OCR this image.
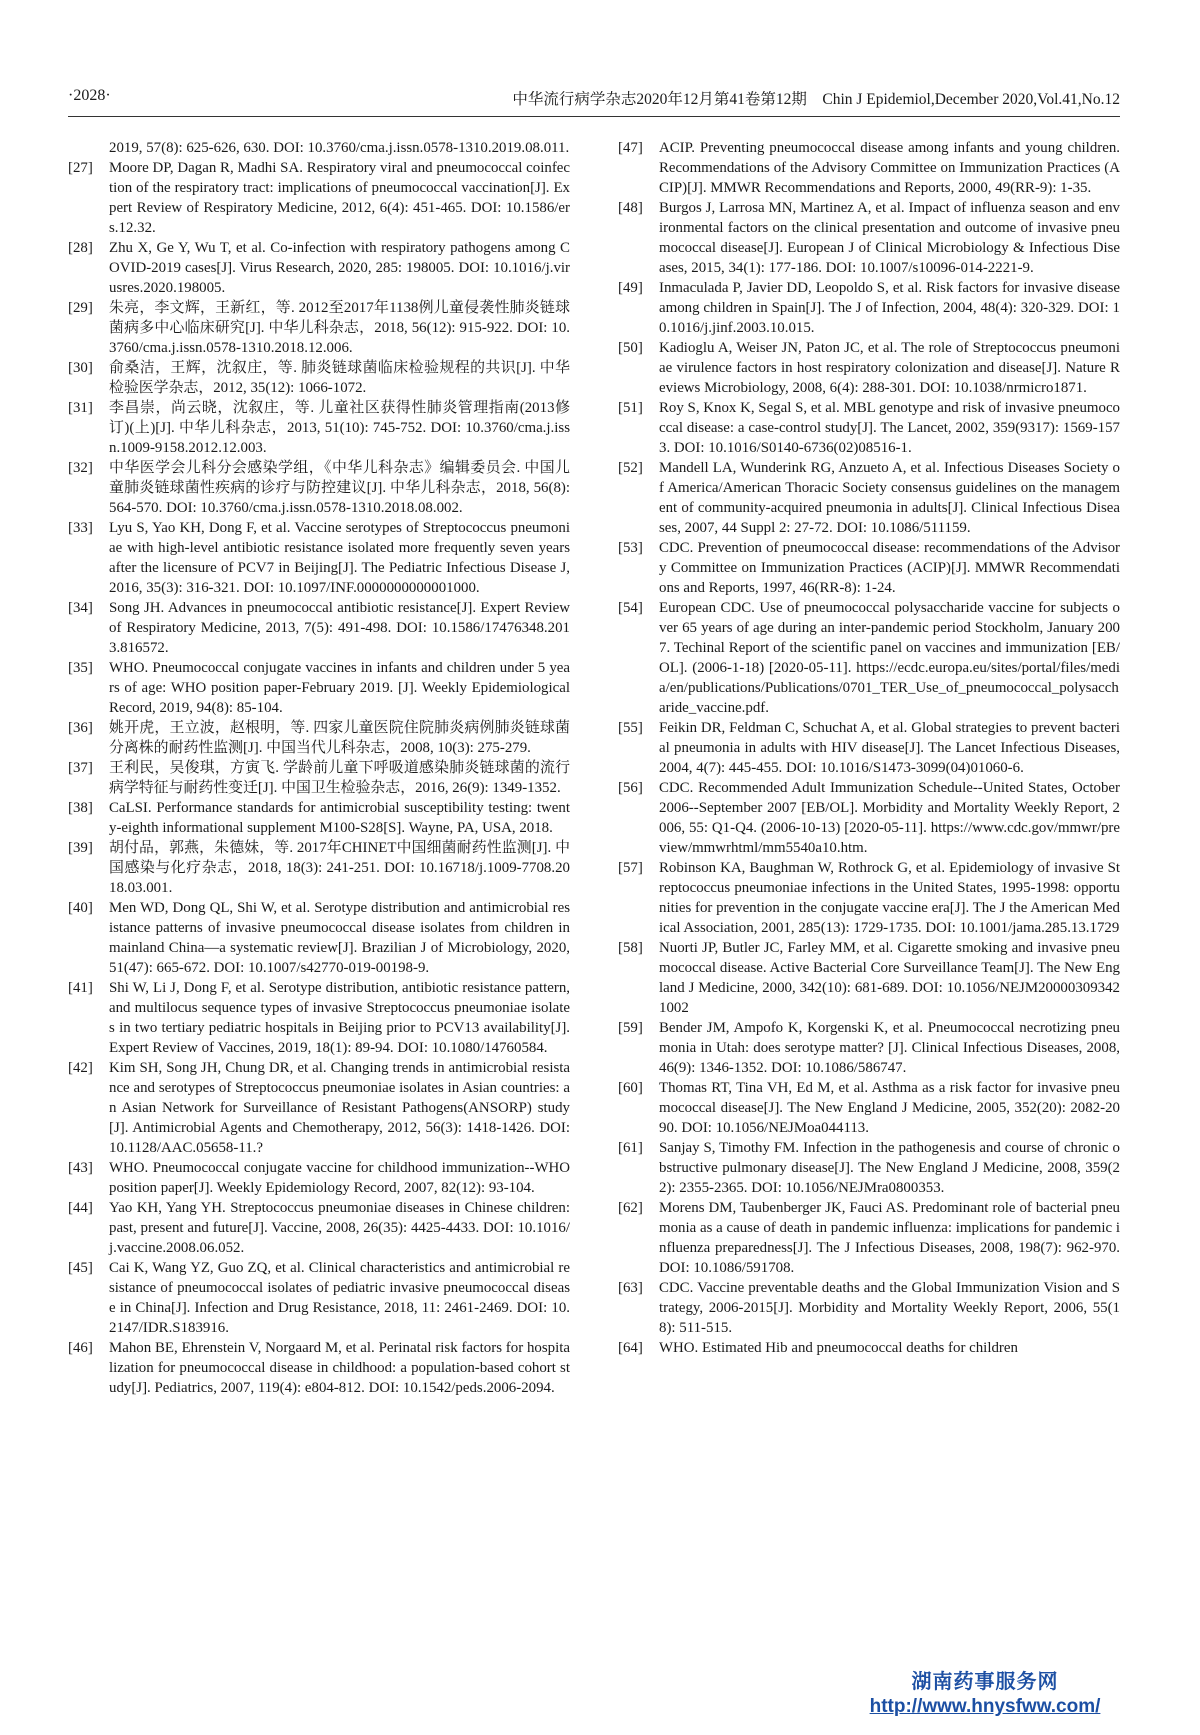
·2028·	中华流行病学杂志2020年12月第41卷第12期　Chin J Epidemiol,December 2020,Vol.41,No.12
2019, 57(8): 625-626, 630. DOI: 10.3760/cma.j.issn.0578-1310.2019.08.011.
[27]	Moore DP, Dagan R, Madhi SA. Respiratory viral and pneumococcal coinfection of the respiratory tract: implications of pneumococcal vaccination[J]. Expert Review of Respiratory Medicine, 2012, 6(4): 451-465. DOI: 10.1586/ers.12.32.
[28]	Zhu X, Ge Y, Wu T, et al. Co-infection with respiratory pathogens among COVID-2019 cases[J]. Virus Research, 2020, 285: 198005. DOI: 10.1016/j.virusres.2020.198005.
[29]	朱亮，李文辉，王新红，等. 2012至2017年1138例儿童侵袭性肺炎链球菌病多中心临床研究[J]. 中华儿科杂志，2018, 56(12): 915-922. DOI: 10.3760/cma.j.issn.0578-1310.2018.12.006.
[30]	俞桑洁，王辉，沈叙庄，等. 肺炎链球菌临床检验规程的共识[J]. 中华检验医学杂志，2012, 35(12): 1066-1072.
[31]	李昌崇，尚云晓，沈叙庄，等. 儿童社区获得性肺炎管理指南(2013修订)(上)[J]. 中华儿科杂志，2013, 51(10): 745-752. DOI: 10.3760/cma.j.issn.1009-9158.2012.12.003.
[32]	中华医学会儿科分会感染学组，《中华儿科杂志》编辑委员会. 中国儿童肺炎链球菌性疾病的诊疗与防控建议[J]. 中华儿科杂志，2018, 56(8): 564-570. DOI: 10.3760/cma.j.issn.0578-1310.2018.08.002.
[33]	Lyu S, Yao KH, Dong F, et al. Vaccine serotypes of Streptococcus pneumoniae with high-level antibiotic resistance isolated more frequently seven years after the licensure of PCV7 in Beijing[J]. The Pediatric Infectious Disease J, 2016, 35(3): 316-321. DOI: 10.1097/INF.0000000000001000.
[34]	Song JH. Advances in pneumococcal antibiotic resistance[J]. Expert Review of Respiratory Medicine, 2013, 7(5): 491-498. DOI: 10.1586/17476348.2013.816572.
[35]	WHO. Pneumococcal conjugate vaccines in infants and children under 5 years of age: WHO position paper-February 2019. [J]. Weekly Epidemiological Record, 2019, 94(8): 85-104.
[36]	姚开虎，王立波，赵根明，等. 四家儿童医院住院肺炎病例肺炎链球菌分离株的耐药性监测[J]. 中国当代儿科杂志，2008, 10(3): 275-279.
[37]	王利民，吴俊琪，方寅飞. 学龄前儿童下呼吸道感染肺炎链球菌的流行病学特征与耐药性变迁[J]. 中国卫生检验杂志，2016, 26(9): 1349-1352.
[38]	CaLSI. Performance standards for antimicrobial susceptibility testing: twenty-eighth informational supplement M100-S28[S]. Wayne, PA, USA, 2018.
[39]	胡付品，郭燕，朱德妹，等. 2017年CHINET中国细菌耐药性监测[J]. 中国感染与化疗杂志，2018, 18(3): 241-251. DOI: 10.16718/j.1009-7708.2018.03.001.
[40]	Men WD, Dong QL, Shi W, et al. Serotype distribution and antimicrobial resistance patterns of invasive pneumococcal disease isolates from children in mainland China—a systematic review[J]. Brazilian J of Microbiology, 2020, 51(47): 665-672. DOI: 10.1007/s42770-019-00198-9.
[41]	Shi W, Li J, Dong F, et al. Serotype distribution, antibiotic resistance pattern, and multilocus sequence types of invasive Streptococcus pneumoniae isolates in two tertiary pediatric hospitals in Beijing prior to PCV13 availability[J]. Expert Review of Vaccines, 2019, 18(1): 89-94. DOI: 10.1080/14760584.
[42]	Kim SH, Song JH, Chung DR, et al. Changing trends in antimicrobial resistance and serotypes of Streptococcus pneumoniae isolates in Asian countries: an Asian Network for Surveillance of Resistant Pathogens(ANSORP) study[J]. Antimicrobial Agents and Chemotherapy, 2012, 56(3): 1418-1426. DOI: 10.1128/AAC.05658-11.?
[43]	WHO. Pneumococcal conjugate vaccine for childhood immunization--WHO position paper[J]. Weekly Epidemiology Record, 2007, 82(12): 93-104.
[44]	Yao KH, Yang YH. Streptococcus pneumoniae diseases in Chinese children: past, present and future[J]. Vaccine, 2008, 26(35): 4425-4433. DOI: 10.1016/j.vaccine.2008.06.052.
[45]	Cai K, Wang YZ, Guo ZQ, et al. Clinical characteristics and antimicrobial resistance of pneumococcal isolates of pediatric invasive pneumococcal disease in China[J]. Infection and Drug Resistance, 2018, 11: 2461-2469. DOI: 10.2147/IDR.S183916.
[46]	Mahon BE, Ehrenstein V, Norgaard M, et al. Perinatal risk factors for hospitalization for pneumococcal disease in childhood: a population-based cohort study[J]. Pediatrics, 2007, 119(4): e804-812. DOI: 10.1542/peds.2006-2094.
[47]	ACIP. Preventing pneumococcal disease among infants and young children. Recommendations of the Advisory Committee on Immunization Practices (ACIP)[J]. MMWR Recommendations and Reports, 2000, 49(RR-9): 1-35.
[48]	Burgos J, Larrosa MN, Martinez A, et al. Impact of influenza season and environmental factors on the clinical presentation and outcome of invasive pneumococcal disease[J]. European J of Clinical Microbiology & Infectious Diseases, 2015, 34(1): 177-186. DOI: 10.1007/s10096-014-2221-9.
[49]	Inmaculada P, Javier DD, Leopoldo S, et al. Risk factors for invasive disease among children in Spain[J]. The J of Infection, 2004, 48(4): 320-329. DOI: 10.1016/j.jinf.2003.10.015.
[50]	Kadioglu A, Weiser JN, Paton JC, et al. The role of Streptococcus pneumoniae virulence factors in host respiratory colonization and disease[J]. Nature Reviews Microbiology, 2008, 6(4): 288-301. DOI: 10.1038/nrmicro1871.
[51]	Roy S, Knox K, Segal S, et al. MBL genotype and risk of invasive pneumococcal disease: a case-control study[J]. The Lancet, 2002, 359(9317): 1569-1573. DOI: 10.1016/S0140-6736(02)08516-1.
[52]	Mandell LA, Wunderink RG, Anzueto A, et al. Infectious Diseases Society of America/American Thoracic Society consensus guidelines on the management of community-acquired pneumonia in adults[J]. Clinical Infectious Diseases, 2007, 44 Suppl 2: 27-72. DOI: 10.1086/511159.
[53]	CDC. Prevention of pneumococcal disease: recommendations of the Advisory Committee on Immunization Practices (ACIP)[J]. MMWR Recommendations and Reports, 1997, 46(RR-8): 1-24.
[54]	European CDC. Use of pneumococcal polysaccharide vaccine for subjects over 65 years of age during an inter-pandemic period Stockholm, January 2007. Techinal Report of the scientific panel on vaccines and immunization [EB/OL]. (2006-1-18) [2020-05-11]. https://ecdc.europa.eu/sites/portal/files/media/en/publications/Publications/0701_TER_Use_of_pneumococcal_polysaccharide_vaccine.pdf.
[55]	Feikin DR, Feldman C, Schuchat A, et al. Global strategies to prevent bacterial pneumonia in adults with HIV disease[J]. The Lancet Infectious Diseases, 2004, 4(7): 445-455. DOI: 10.1016/S1473-3099(04)01060-6.
[56]	CDC. Recommended Adult Immunization Schedule--United States, October 2006--September 2007 [EB/OL]. Morbidity and Mortality Weekly Report, 2006, 55: Q1-Q4. (2006-10-13) [2020-05-11]. https://www.cdc.gov/mmwr/preview/mmwrhtml/mm5540a10.htm.
[57]	Robinson KA, Baughman W, Rothrock G, et al. Epidemiology of invasive Streptococcus pneumoniae infections in the United States, 1995-1998: opportunities for prevention in the conjugate vaccine era[J]. The J the American Medical Association, 2001, 285(13): 1729-1735. DOI: 10.1001/jama.285.13.1729
[58]	Nuorti JP, Butler JC, Farley MM, et al. Cigarette smoking and invasive pneumococcal disease. Active Bacterial Core Surveillance Team[J]. The New England J Medicine, 2000, 342(10): 681-689. DOI: 10.1056/NEJM200003093421002
[59]	Bender JM, Ampofo K, Korgenski K, et al. Pneumococcal necrotizing pneumonia in Utah: does serotype matter? [J]. Clinical Infectious Diseases, 2008, 46(9): 1346-1352. DOI: 10.1086/586747.
[60]	Thomas RT, Tina VH, Ed M, et al. Asthma as a risk factor for invasive pneumococcal disease[J]. The New England J Medicine, 2005, 352(20): 2082-2090. DOI: 10.1056/NEJMoa044113.
[61]	Sanjay S, Timothy FM. Infection in the pathogenesis and course of chronic obstructive pulmonary disease[J]. The New England J Medicine, 2008, 359(22): 2355-2365. DOI: 10.1056/NEJMra0800353.
[62]	Morens DM, Taubenberger JK, Fauci AS. Predominant role of bacterial pneumonia as a cause of death in pandemic influenza: implications for pandemic influenza preparedness[J]. The J Infectious Diseases, 2008, 198(7): 962-970. DOI: 10.1086/591708.
[63]	CDC. Vaccine preventable deaths and the Global Immunization Vision and Strategy, 2006-2015[J]. Morbidity and Mortality Weekly Report, 2006, 55(18): 511-515.
[64]	WHO. Estimated Hib and pneumococcal deaths for children
湖南药事服务网
http://www.hnysfww.com/
